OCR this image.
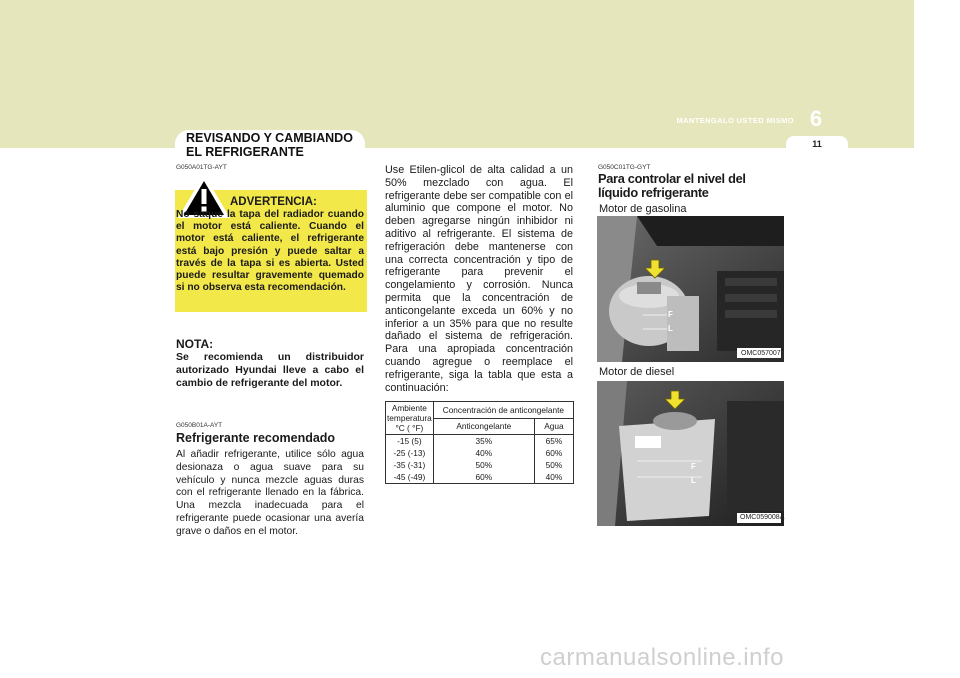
MANTENGALO USTED MISMO 6
11
REVISANDO Y CAMBIANDO
EL REFRIGERANTE
G050A01TG-AYT
ADVERTENCIA:
No saque la tapa del radiador cuando el motor está caliente. Cuando el motor está caliente, el refrigerante está bajo presión y puede saltar a través de la tapa si es abierta. Usted puede resultar gravemente quemado si no observa esta recomendación.
NOTA:
Se recomienda un distribuidor autorizado Hyundai lleve a cabo el cambio de refrigerante del motor.
G050B01A-AYT
Refrigerante recomendado
Al añadir refrigerante, utilice sólo agua desionaza o agua suave para su vehículo y nunca mezcle aguas duras con el refrigerante llenado en la fábrica. Una mezcla inadecuada para el refrigerante puede ocasionar una avería grave o daños en el motor.
Use Etilen-glicol de alta calidad a un 50% mezclado con agua. El refrigerante debe ser compatible con el aluminio que compone el motor. No deben agregarse ningún inhibidor ni aditivo al refrigerante. El sistema de refrigeración debe mantenerse con una correcta concentración y tipo de refrigerante para prevenir el congelamiento y corrosión. Nunca permita que la concentración de anticongelante exceda un 60% y no inferior a un 35% para que no resulte dañado el sistema de refrigeración. Para una apropiada concentración cuando agregue o reemplace el refrigerante, siga la tabla que esta a continuación:
Ambiente temperatura °C ( °F)	Concentración de anticongelante	
	Anticongelante	Agua
-15 (5)	35%	65%
-25 (-13)	40%	60%
-35 (-31)	50%	50%
-45 (-49)	60%	40%
G050C01TG-GYT
Para controlar el nivel del líquido refrigerante
Motor de gasolina
F
L
OMC057007
Motor de diesel
F
L
OMC059008A
carmanualsonline.info
